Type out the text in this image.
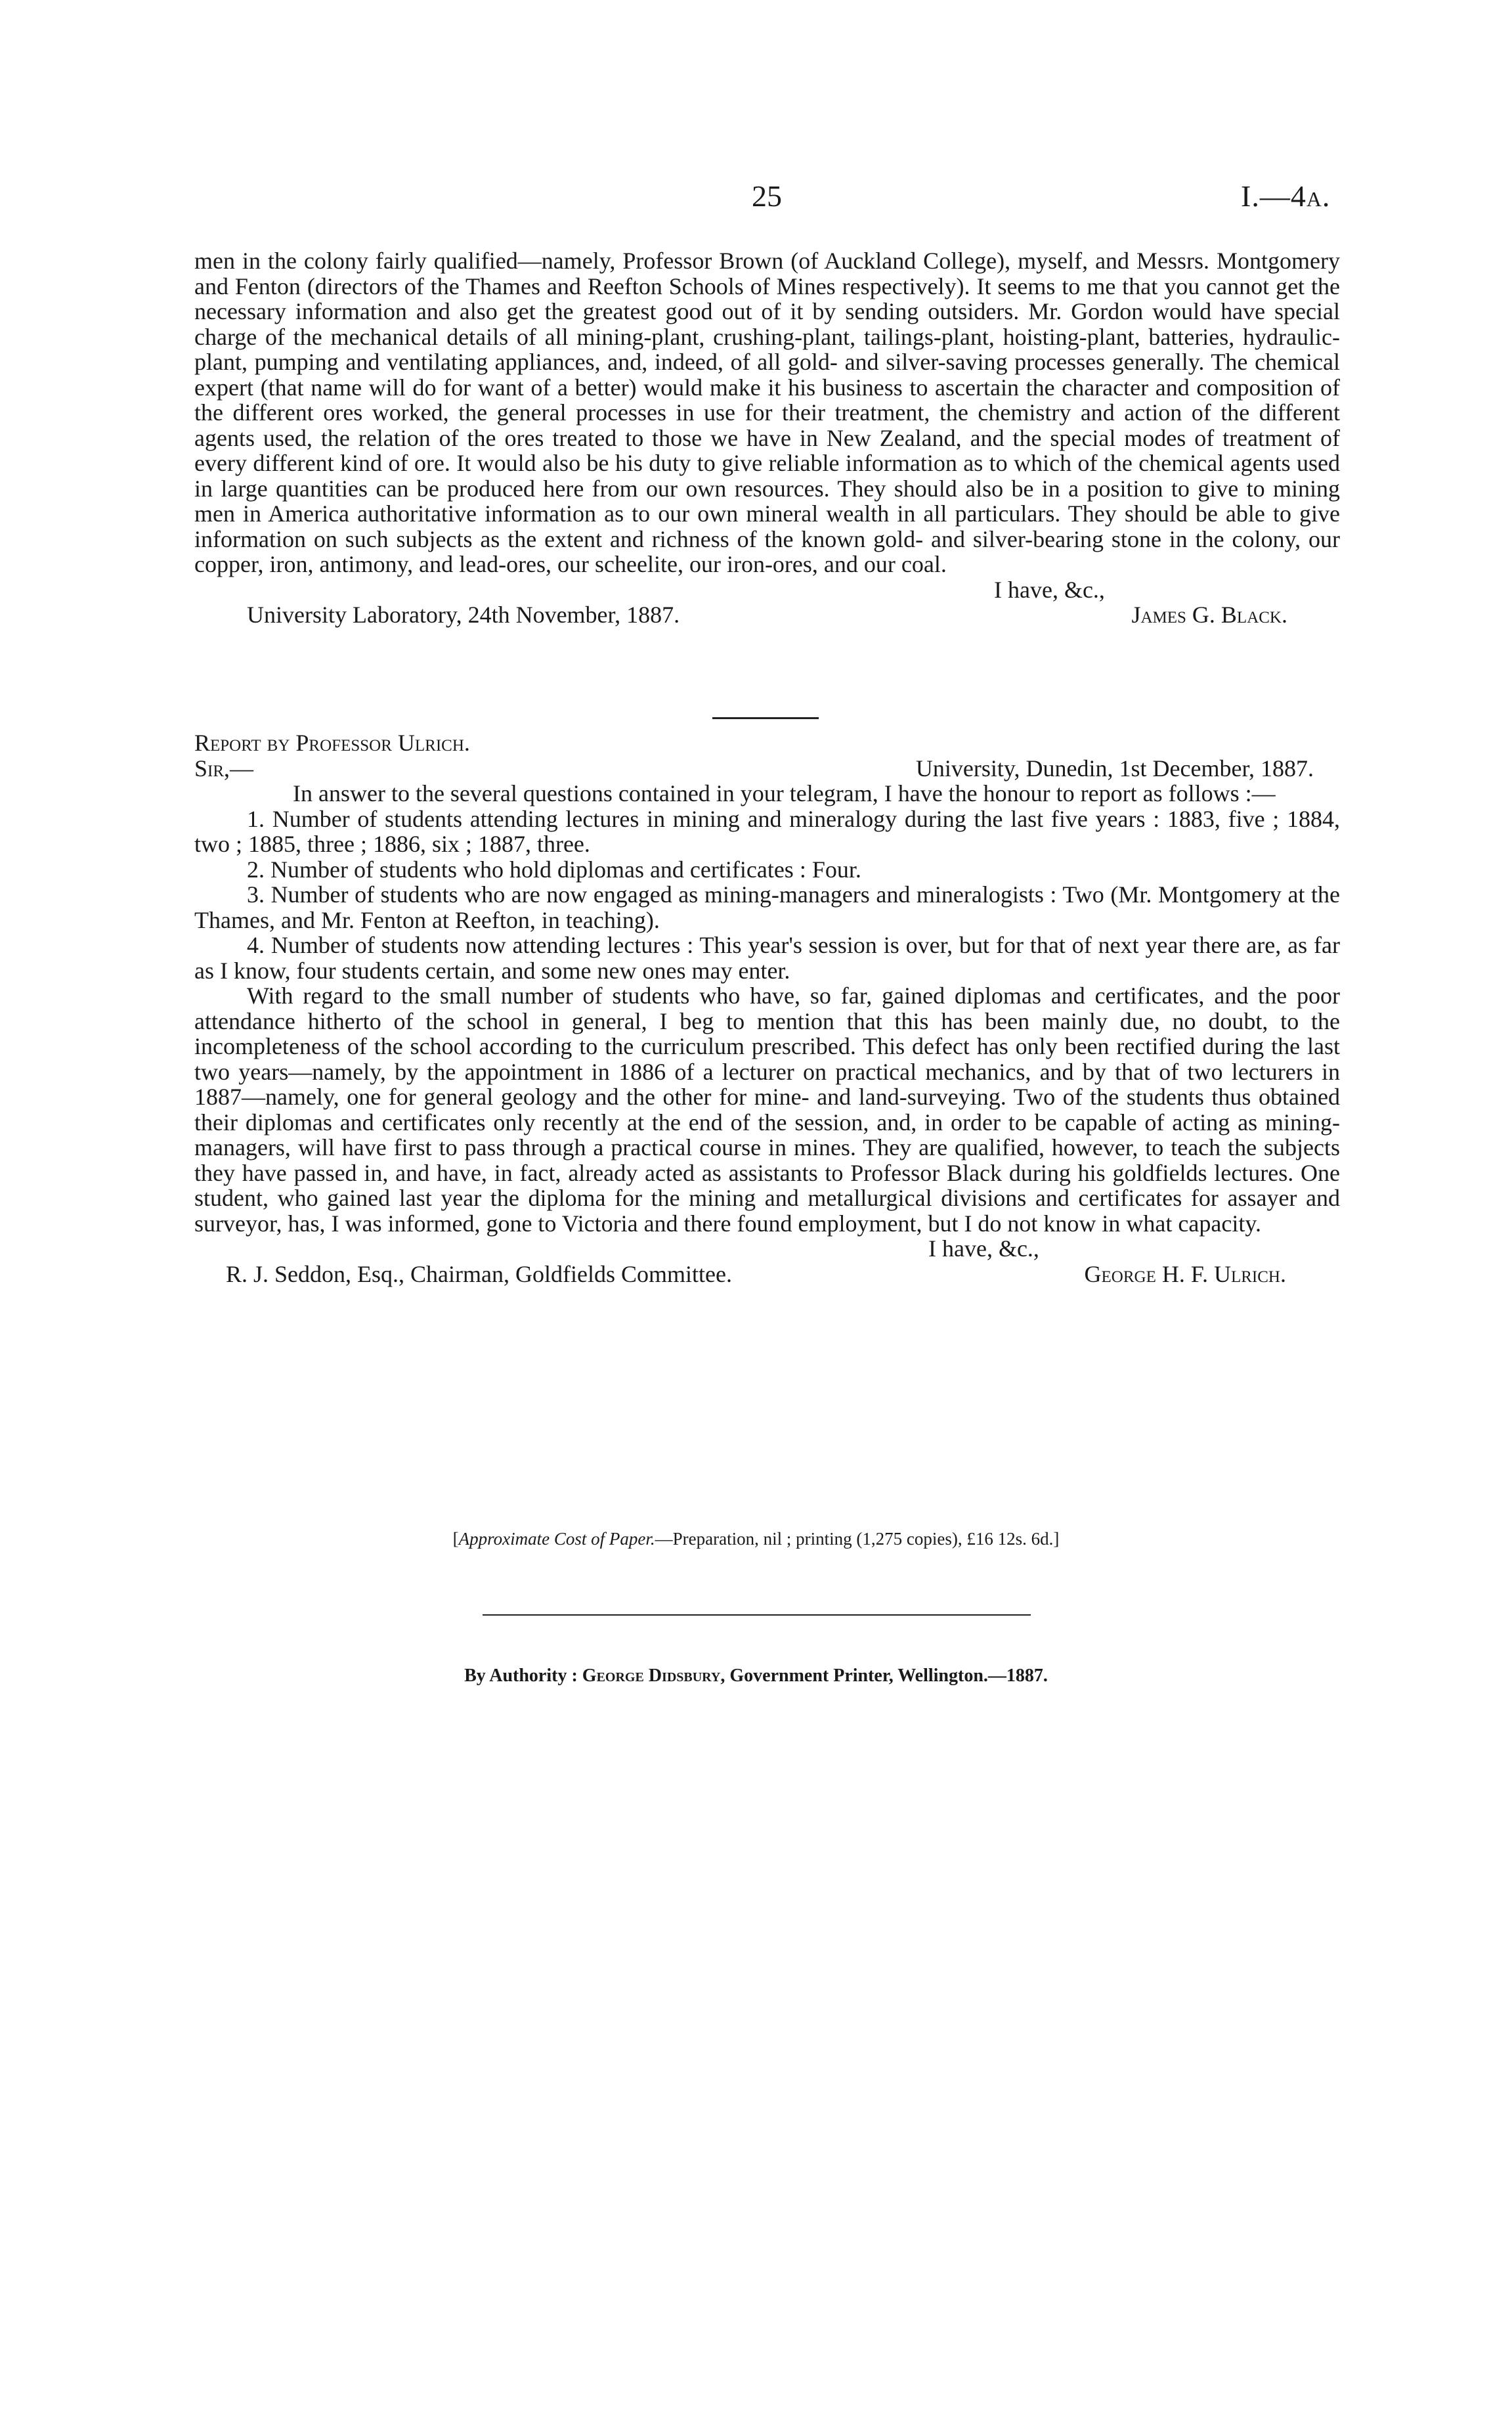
25	I.—4a.

men in the colony fairly qualified—namely, Professor Brown (of Auckland College), myself, and Messrs. Montgomery and Fenton (directors of the Thames and Reefton Schools of Mines respectively). It seems to me that you cannot get the necessary information and also get the greatest good out of it by sending outsiders. Mr. Gordon would have special charge of the mechanical details of all mining-plant, crushing-plant, tailings-plant, hoisting-plant, batteries, hydraulic-plant, pumping and ventilating appliances, and, indeed, of all gold- and silver-saving processes generally. The chemical expert (that name will do for want of a better) would make it his business to ascertain the character and composition of the different ores worked, the general processes in use for their treatment, the chemistry and action of the different agents used, the relation of the ores treated to those we have in New Zealand, and the special modes of treatment of every different kind of ore. It would also be his duty to give reliable information as to which of the chemical agents used in large quantities can be produced here from our own resources. They should also be in a position to give to mining men in America authoritative information as to our own mineral wealth in all particulars. They should be able to give information on such subjects as the extent and richness of the known gold- and silver-bearing stone in the colony, our copper, iron, antimony, and lead-ores, our scheelite, our iron-ores, and our coal.

I have, &c.,
University Laboratory, 24th November, 1887.	James G. Black.

Report by Professor Ulrich.

Sir,—	University, Dunedin, 1st December, 1887.

In answer to the several questions contained in your telegram, I have the honour to report as follows :—

1. Number of students attending lectures in mining and mineralogy during the last five years : 1883, five ; 1884, two ; 1885, three ; 1886, six ; 1887, three.

2. Number of students who hold diplomas and certificates : Four.

3. Number of students who are now engaged as mining-managers and mineralogists : Two (Mr. Montgomery at the Thames, and Mr. Fenton at Reefton, in teaching).

4. Number of students now attending lectures : This year's session is over, but for that of next year there are, as far as I know, four students certain, and some new ones may enter.

With regard to the small number of students who have, so far, gained diplomas and certificates, and the poor attendance hitherto of the school in general, I beg to mention that this has been mainly due, no doubt, to the incompleteness of the school according to the curriculum prescribed. This defect has only been rectified during the last two years—namely, by the appointment in 1886 of a lecturer on practical mechanics, and by that of two lecturers in 1887—namely, one for general geology and the other for mine- and land-surveying. Two of the students thus obtained their diplomas and certificates only recently at the end of the session, and, in order to be capable of acting as mining-managers, will have first to pass through a practical course in mines. They are qualified, however, to teach the subjects they have passed in, and have, in fact, already acted as assistants to Professor Black during his goldfields lectures. One student, who gained last year the diploma for the mining and metallurgical divisions and certificates for assayer and surveyor, has, I was informed, gone to Victoria and there found employment, but I do not know in what capacity.

I have, &c.,
R. J. Seddon, Esq., Chairman, Goldfields Committee.	George H. F. Ulrich.
[Approximate Cost of Paper.—Preparation, nil ; printing (1,275 copies), £16 12s. 6d.]
By Authority : George Didsbury, Government Printer, Wellington.—1887.
